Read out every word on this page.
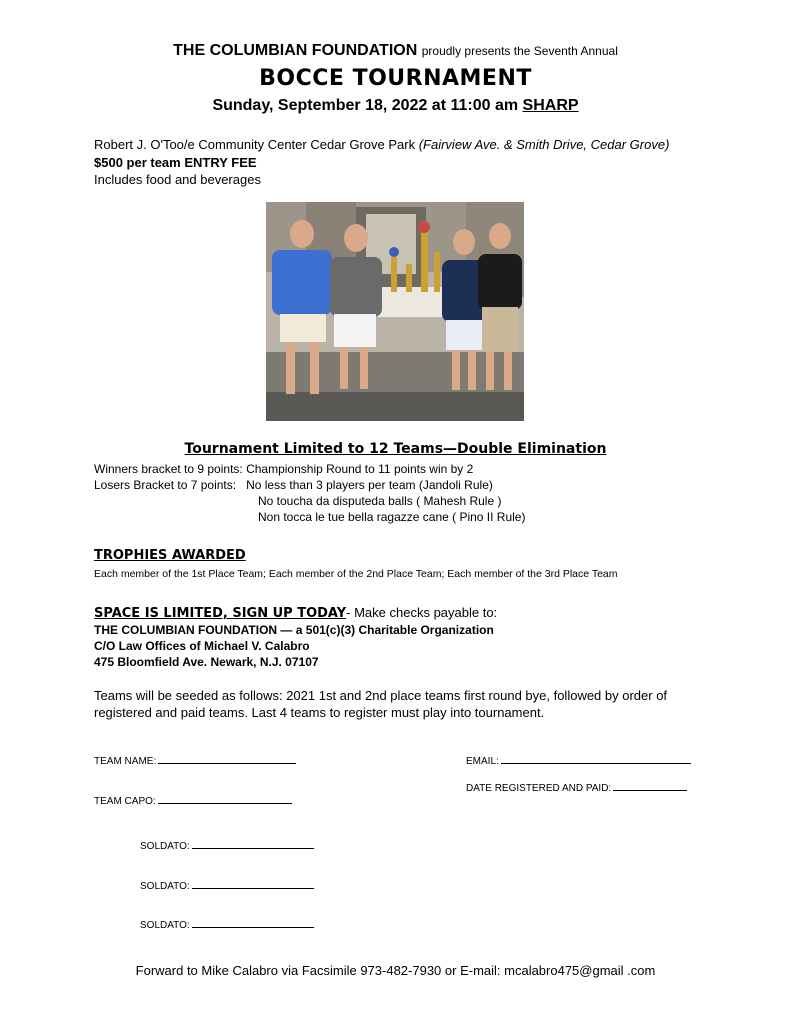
THE COLUMBIAN FOUNDATION proudly presents the Seventh Annual
BOCCE TOURNAMENT
Sunday, September 18, 2022 at 11:00 am SHARP
Robert J. O'Too/e Community Center Cedar Grove Park (Fairview Ave. & Smith Drive, Cedar Grove)
$500 per team ENTRY FEE
Includes food and beverages
Tournament Limited to 12 Teams—Double Elimination
Winners bracket to 9 points: Championship Round to 11 points win by 2
Losers Bracket to 7 points:   No less than 3 players per team (Jandoli Rule)
No toucha da disputeda balls ( Mahesh Rule )
Non tocca le tue bella ragazze cane ( Pino II Rule)
TROPHIES AWARDED
Each member of the 1st Place Team; Each member of the 2nd Place Team; Each member of the 3rd Place Team
SPACE IS LIMITED, SIGN UP TODAY- Make checks payable to:
THE COLUMBIAN FOUNDATION — a 501(c)(3) Charitable Organization
C/O Law Offices of Michael V. Calabro
475 Bloomfield Ave. Newark, N.J. 07107
Teams will be seeded as follows: 2021 1st and 2nd place teams first round bye, followed by order of
registered and paid teams. Last 4 teams to register must play into tournament.
TEAM NAME:	EMAIL:
DATE REGISTERED AND PAID:
TEAM CAPO:
SOLDATO:
SOLDATO:
SOLDATO:
Forward to Mike Calabro via Facsimile 973-482-7930 or E-mail: mcalabro475@gmail .com
